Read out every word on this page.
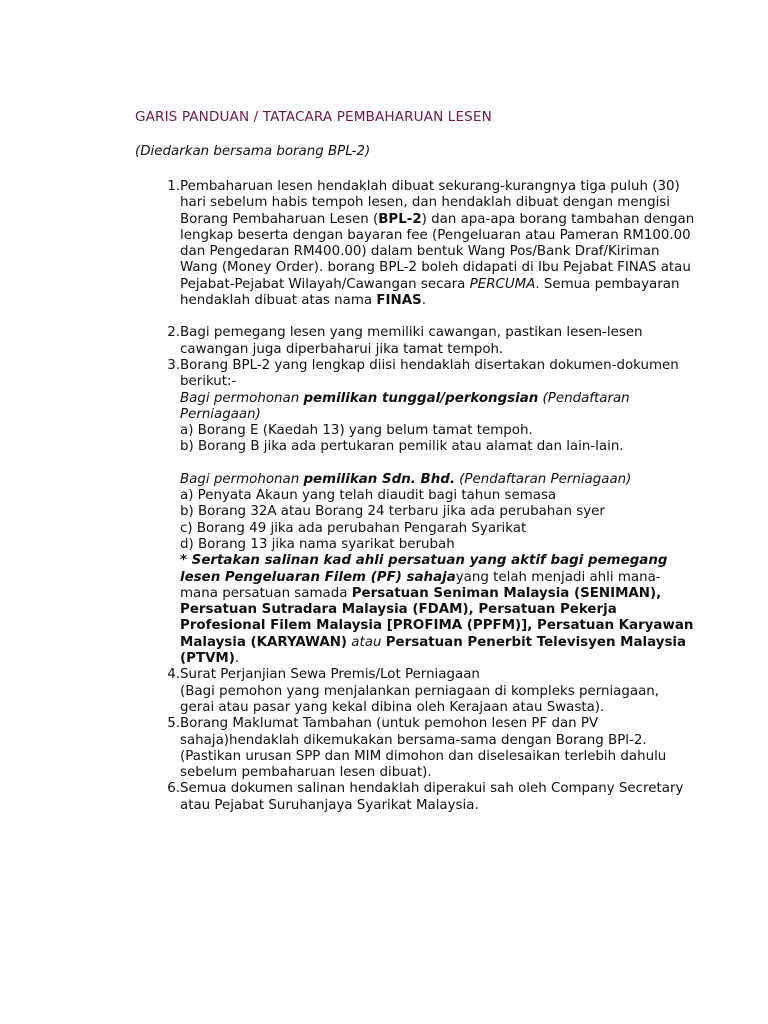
GARIS PANDUAN / TATACARA PEMBAHARUAN LESEN
(Diedarkan bersama borang BPL-2)
1. Pembaharuan lesen hendaklah dibuat sekurang-kurangnya tiga puluh (30) hari sebelum habis tempoh lesen, dan hendaklah dibuat dengan mengisi Borang Pembaharuan Lesen (BPL-2) dan apa-apa borang tambahan dengan lengkap beserta dengan bayaran fee (Pengeluaran atau Pameran RM100.00 dan Pengedaran RM400.00) dalam bentuk Wang Pos/Bank Draf/Kiriman Wang (Money Order). borang BPL-2 boleh didapati di Ibu Pejabat FINAS atau Pejabat-Pejabat Wilayah/Cawangan secara PERCUMA. Semua pembayaran hendaklah dibuat atas nama FINAS.
2. Bagi pemegang lesen yang memiliki cawangan, pastikan lesen-lesen cawangan juga diperbaharui jika tamat tempoh.
3. Borang BPL-2 yang lengkap diisi hendaklah disertakan dokumen-dokumen berikut:-
Bagi permohonan pemilikan tunggal/perkongsian (Pendaftaran Perniagaan)
a) Borang E (Kaedah 13) yang belum tamat tempoh.
b) Borang B jika ada pertukaran pemilik atau alamat dan lain-lain.
Bagi permohonan pemilikan Sdn. Bhd. (Pendaftaran Perniagaan)
a) Penyata Akaun yang telah diaudit bagi tahun semasa
b) Borang 32A atau Borang 24 terbaru jika ada perubahan syer
c) Borang 49 jika ada perubahan Pengarah Syarikat
d) Borang 13 jika nama syarikat berubah
* Sertakan salinan kad ahli persatuan yang aktif bagi pemegang lesen Pengeluaran Filem (PF) sahajayang telah menjadi ahli mana-mana persatuan samada Persatuan Seniman Malaysia (SENIMAN), Persatuan Sutradara Malaysia (FDAM), Persatuan Pekerja Profesional Filem Malaysia [PROFIMA (PPFM)], Persatuan Karyawan Malaysia (KARYAWAN) atau Persatuan Penerbit Televisyen Malaysia (PTVM).
4. Surat Perjanjian Sewa Premis/Lot Perniagaan
(Bagi pemohon yang menjalankan perniagaan di kompleks perniagaan, gerai atau pasar yang kekal dibina oleh Kerajaan atau Swasta).
5. Borang Maklumat Tambahan (untuk pemohon lesen PF dan PV sahaja)hendaklah dikemukakan bersama-sama dengan Borang BPl-2.
(Pastikan urusan SPP dan MIM dimohon dan diselesaikan terlebih dahulu sebelum pembaharuan lesen dibuat).
6. Semua dokumen salinan hendaklah diperakui sah oleh Company Secretary atau Pejabat Suruhanjaya Syarikat Malaysia.
